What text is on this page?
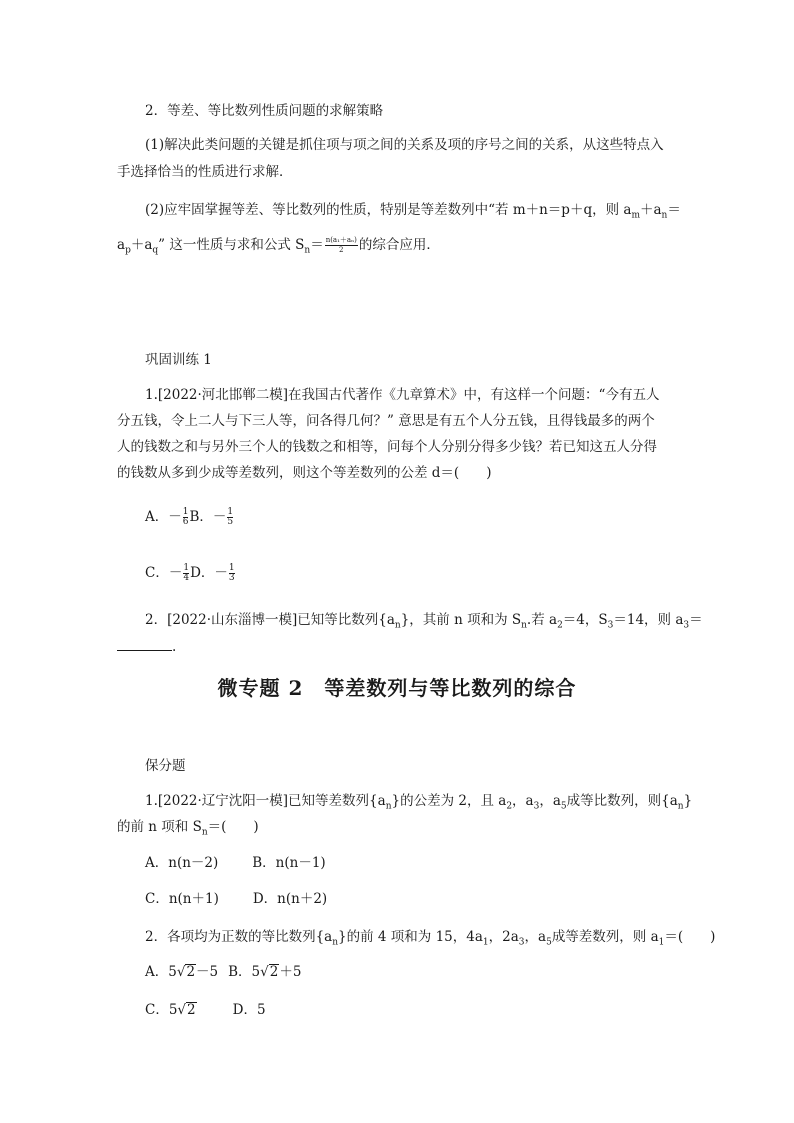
2．等差、等比数列性质问题的求解策略
(1)解决此类问题的关键是抓住项与项之间的关系及项的序号之间的关系，从这些特点入
手选择恰当的性质进行求解．
(2)应牢固掌握等差、等比数列的性质，特别是等差数列中“若 m＋n＝p＋q，则 $a_m+a_n=$
$a_p+a_q$” 这一性质与求和公式 $S_n= \frac{\text{n(a₁＋aₙ)}}{2}$ 的综合应用．
巩固训练 1
1.[2022·河北邯郸二模]在我国古代著作《九章算术》中，有这样一个问题：“今有五人
分五钱，令上二人与下三人等，问各得几何？” 意思是有五个人分五钱，且得钱最多的两个
人的钱数之和与另外三个人的钱数之和相等，问每个人分别分得多少钱？若已知这五人分得
的钱数从多到少成等差数列，则这个等差数列的公差 d＝(　　)
A．－ $\frac{1}{6}$ B．－ $\frac{1}{5}$
C．－ $\frac{1}{4}$ D．－ $\frac{1}{3}$
2．[2022·山东淄博一模]已知等比数列$\{a_n\}$，其前 n 项和为 $S_n$.若 $a_2=4$，$S_3=14$，则 $a_3=$
.
微专题 2　等差数列与等比数列的综合
保分题
1.[2022·辽宁沈阳一模]已知等差数列$\{a_n\}$的公差为 2，且 $a_2$，$a_3$，$a_5$成等比数列，则$\{a_n\}$
的前 n 项和 $S_n=$(　　)
A．n(n－2)	B．n(n－1)
C．n(n＋1)	D．n(n＋2)
2．各项均为正数的等比数列$\{a_n\}$的前 4 项和为 15，$4a_1$，$2a_3$，$a_5$成等差数列，则 $a_1=$(　　)
A．5√2－5 B．5√2＋5
C．5√2	D．5
